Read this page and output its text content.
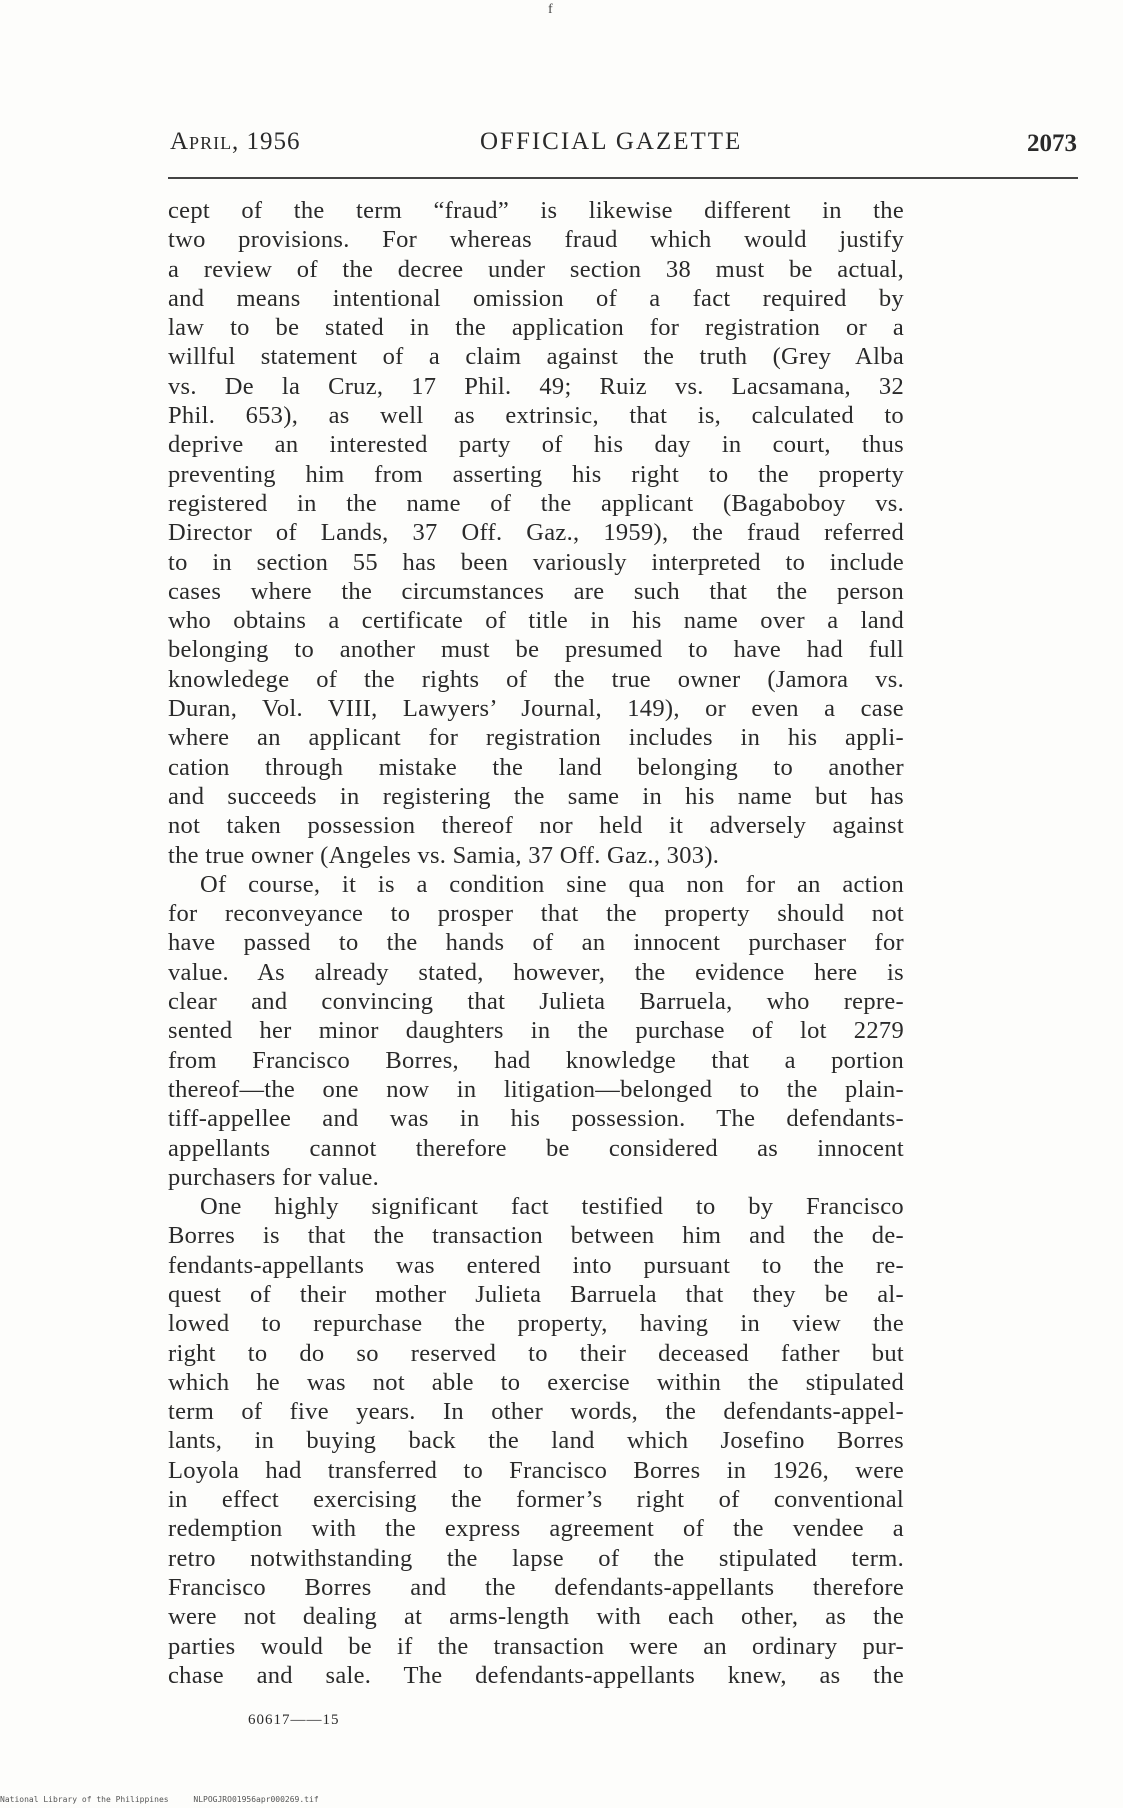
f
April, 1956	OFFICIAL GAZETTE	2073
cept of the term “fraud” is likewise different in the
two provisions. For whereas fraud which would justify
a review of the decree under section 38 must be actual,
and means intentional omission of a fact required by
law to be stated in the application for registration or a
willful statement of a claim against the truth (Grey Alba
vs. De la Cruz, 17 Phil. 49; Ruiz vs. Lacsamana, 32
Phil. 653), as well as extrinsic, that is, calculated to
deprive an interested party of his day in court, thus
preventing him from asserting his right to the property
registered in the name of the applicant (Bagaboboy vs.
Director of Lands, 37 Off. Gaz., 1959), the fraud referred
to in section 55 has been variously interpreted to include
cases where the circumstances are such that the person
who obtains a certificate of title in his name over a land
belonging to another must be presumed to have had full
knowledege of the rights of the true owner (Jamora vs.
Duran, Vol. VIII, Lawyers’ Journal, 149), or even a case
where an applicant for registration includes in his appli-
cation through mistake the land belonging to another
and succeeds in registering the same in his name but has
not taken possession thereof nor held it adversely against
the true owner (Angeles vs. Samia, 37 Off. Gaz., 303).
Of course, it is a condition sine qua non for an action
for reconveyance to prosper that the property should not
have passed to the hands of an innocent purchaser for
value. As already stated, however, the evidence here is
clear and convincing that Julieta Barruela, who repre-
sented her minor daughters in the purchase of lot 2279
from Francisco Borres, had knowledge that a portion
thereof—the one now in litigation—belonged to the plain-
tiff-appellee and was in his possession. The defendants-
appellants cannot therefore be considered as innocent
purchasers for value.
One highly significant fact testified to by Francisco
Borres is that the transaction between him and the de-
fendants-appellants was entered into pursuant to the re-
quest of their mother Julieta Barruela that they be al-
lowed to repurchase the property, having in view the
right to do so reserved to their deceased father but
which he was not able to exercise within the stipulated
term of five years. In other words, the defendants-appel-
lants, in buying back the land which Josefino Borres
Loyola had transferred to Francisco Borres in 1926, were
in effect exercising the former’s right of conventional
redemption with the express agreement of the vendee a
retro notwithstanding the lapse of the stipulated term.
Francisco Borres and the defendants-appellants therefore
were not dealing at arms-length with each other, as the
parties would be if the transaction were an ordinary pur-
chase and sale. The defendants-appellants knew, as the
60617——15
National Library of the Philippines	NLPOGJRO01956apr000269.tif
